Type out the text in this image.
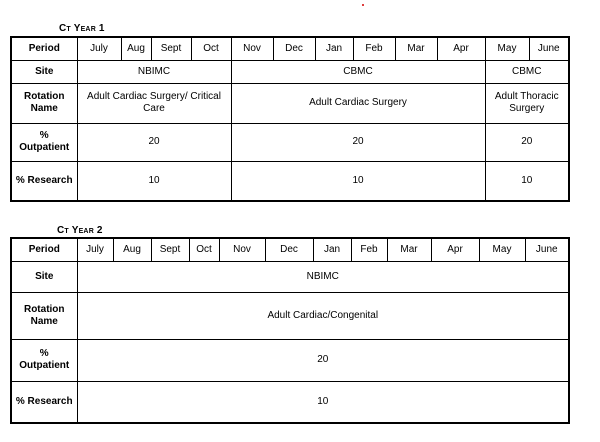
Ct Year 1
Period	July	Aug	Sept	Oct	Nov	Dec	Jan	Feb	Mar	Apr	May	June
Site	NBIMC				CBMC						CBMC	
Rotation Name	Adult Cardiac Surgery/ Critical Care				Adult Cardiac Surgery						Adult Thoracic Surgery	
% Outpatient	20				20						20	
% Research	10				10						10	
Ct Year 2
Period	July	Aug	Sept	Oct	Nov	Dec	Jan	Feb	Mar	Apr	May	June
Site	NBIMC											
Rotation Name	Adult Cardiac/Congenital											
% Outpatient	20											
% Research	10											
